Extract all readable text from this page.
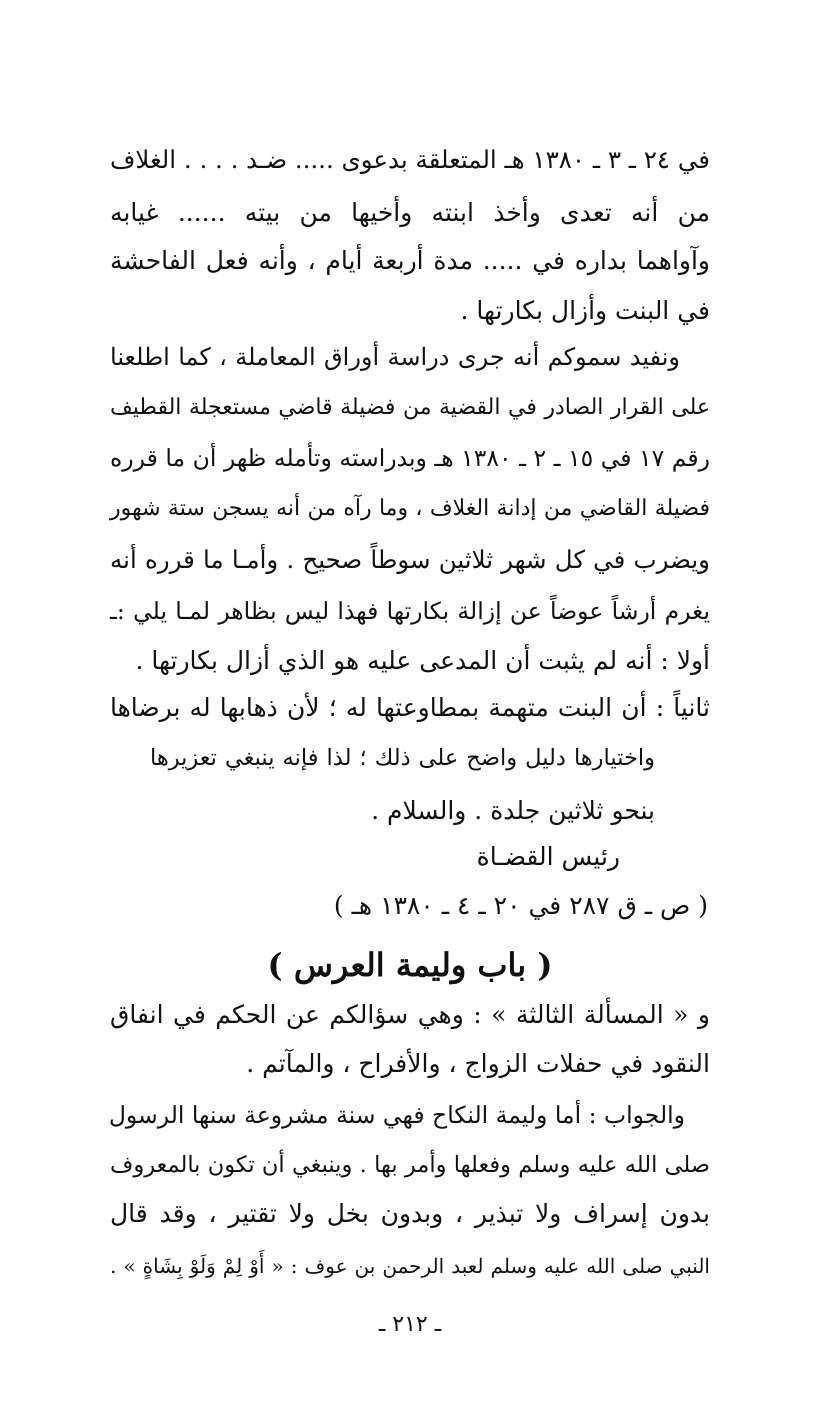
في ٢٤ ـ ٣ ـ ١٣٨٠ هـ المتعلقة بدعوى ..... ضـد . . . . الغلاف
من أنه تعدى وأخذ ابنته وأخيها من بيته ...... غيابه
وآواهما بداره في ..... مدة أربعة أيام ، وأنه فعل الفاحشة
في البنت وأزال بكارتها .
ونفيد سموكم أنه جرى دراسة أوراق المعاملة ، كما اطلعنا
على القرار الصادر في القضية من فضيلة قاضي مستعجلة القطيف
رقم ١٧ في ١٥ ـ ٢ ـ ١٣٨٠ هـ وبدراسته وتأمله ظهر أن ما قرره
فضيلة القاضي من إدانة الغلاف ، وما رآه من أنه يسجن ستة شهور
ويضرب في كل شهر ثلاثين سوطاً صحيح . وأمـا ما قرره أنه
يغرم أرشاً عوضاً عن إزالة بكارتها فهذا ليس بظاهر لمـا يلي :ـ
أولا : أنه لم يثبت أن المدعى عليه هو الذي أزال بكارتها .
ثانياً : أن البنت متهمة بمطاوعتها له ؛ لأن ذهابها له برضاها
واختيارها دليل واضح على ذلك ؛ لذا فإنه ينبغي تعزيرها
بنحو ثلاثين جلدة . والسلام .
رئيس القضـاة
( ص ـ ق ٢٨٧ في ٢٠ ـ ٤ ـ ١٣٨٠ هـ )
( باب وليمة العرس )
و « المسألة الثالثة » : وهي سؤالكم عن الحكم في انفاق
النقود في حفلات الزواج ، والأفراح ، والمآتم .
والجواب : أما وليمة النكاح فهي سنة مشروعة سنها الرسول
صلى الله عليه وسلم وفعلها وأمر بها . وينبغي أن تكون بالمعروف
بدون إسراف ولا تبذير ، وبدون بخل ولا تقتير ، وقد قال
النبي صلى الله عليه وسلم لعبد الرحمن بن عوف : « أَوْ لِمْ وَلَوْ بِشَاةٍ » .
ـ ٢١٢ ـ
